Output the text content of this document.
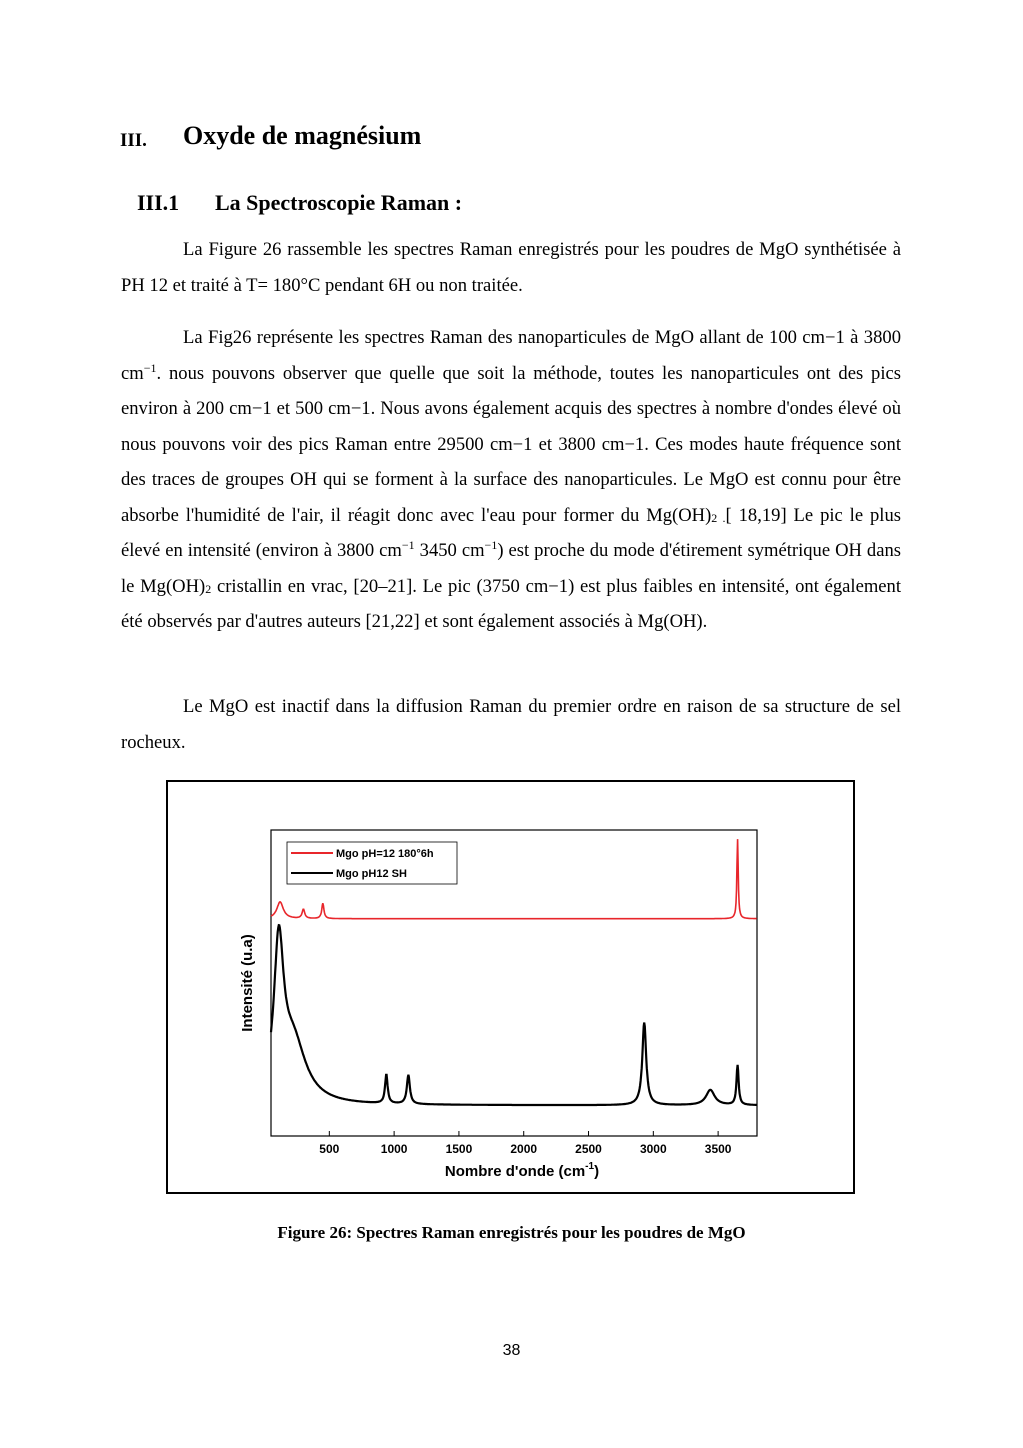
III. Oxyde de magnésium
III.1 La Spectroscopie Raman :

La Figure 26 rassemble les spectres Raman enregistrés pour les poudres de MgO synthétisée à PH 12 et traité à T= 180°C pendant 6H ou non traitée.

La Fig26 représente les spectres Raman des nanoparticules de MgO allant de 100 cm−1 à 3800 $cm^{-1}$. nous pouvons observer que quelle que soit la méthode, toutes les nanoparticules ont des pics environ à 200 cm−1 et 500 cm−1. Nous avons également acquis des spectres à nombre d'ondes élevé où nous pouvons voir des pics Raman entre 29500 cm−1 et 3800 cm−1. Ces modes haute fréquence sont des traces de groupes OH qui se forment à la surface des nanoparticules. Le MgO est connu pour être absorbe l'humidité de l'air, il réagit donc avec l'eau pour former du $Mg(OH)_{2 .}$[ 18,19] Le pic le plus élevé en intensité (environ à 3800 $cm^{-1}$ 3450 $cm^{-1}$) est proche du mode d'étirement symétrique OH dans le $Mg(OH)_2$ cristallin en vrac, [20–21]. Le pic (3750 cm−1) est plus faibles en intensité, ont également été observés par d'autres auteurs [21,22] et sont également associés à Mg(OH).

Le MgO est inactif dans la diffusion Raman du premier ordre en raison de sa structure de sel rocheux.

500	1000	1500	2000	2500	3000	3500
Mgo pH=12 180°6h
Mgo pH12 SH
Intensité (u.a)
Nombre d'onde $(cm^{-1})$
Figure 26: Spectres Raman enregistrés pour les poudres de MgO
38
